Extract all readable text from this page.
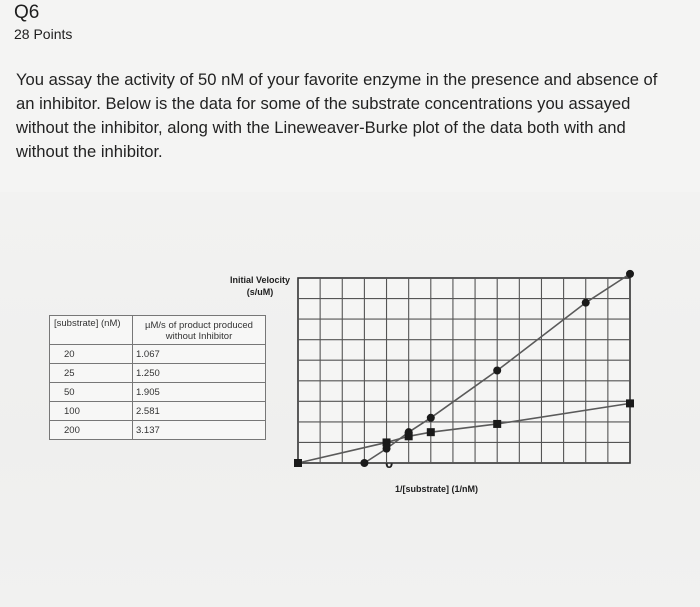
Q6
28 Points
You assay the activity of 50 nM of your favorite enzyme in the presence and absence of an inhibitor. Below is the data for some of the substrate concentrations you assayed without the inhibitor, along with the Lineweaver-Burke plot of the data both with and without the inhibitor.
[substrate] (nM)	µM/s of product produced without Inhibitor
20	1.067
25	1.250
50	1.905
100	2.581
200	3.137
Initial Velocity (s/uM)
1/[substrate] (1/nM)
